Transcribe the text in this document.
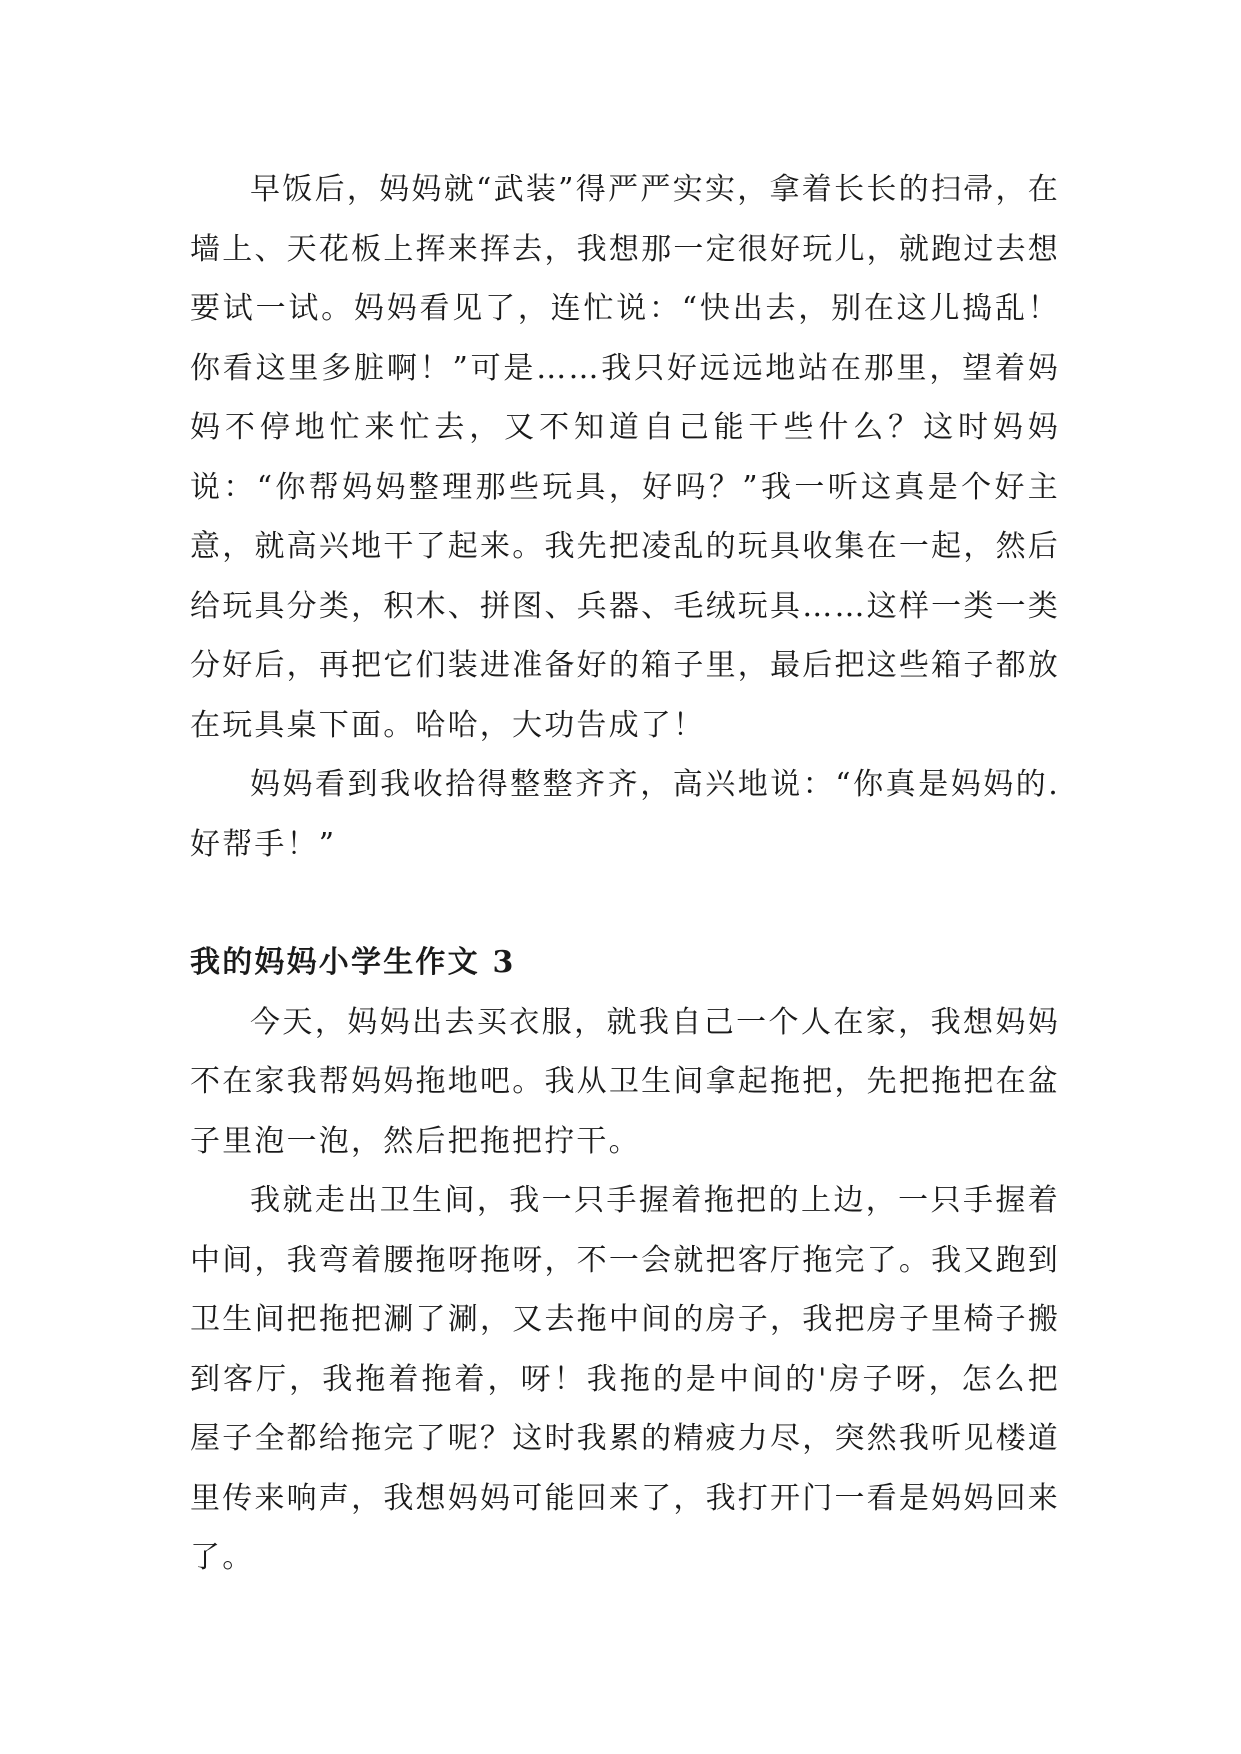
早饭后，妈妈就“武装”得严严实实，拿着长长的扫帚，在墙上、天花板上挥来挥去，我想那一定很好玩儿，就跑过去想要试一试。妈妈看见了，连忙说：“快出去，别在这儿捣乱！你看这里多脏啊！”可是……我只好远远地站在那里，望着妈妈不停地忙来忙去，又不知道自己能干些什么？这时妈妈说：“你帮妈妈整理那些玩具，好吗？”我一听这真是个好主意，就高兴地干了起来。我先把凌乱的玩具收集在一起，然后给玩具分类，积木、拼图、兵器、毛绒玩具……这样一类一类分好后，再把它们装进准备好的箱子里，最后把这些箱子都放在玩具桌下面。哈哈，大功告成了！

妈妈看到我收拾得整整齐齐，高兴地说：“你真是妈妈的.好帮手！”

我的妈妈小学生作文 3

今天，妈妈出去买衣服，就我自己一个人在家，我想妈妈不在家我帮妈妈拖地吧。我从卫生间拿起拖把，先把拖把在盆子里泡一泡，然后把拖把拧干。

我就走出卫生间，我一只手握着拖把的上边，一只手握着中间，我弯着腰拖呀拖呀，不一会就把客厅拖完了。我又跑到卫生间把拖把涮了涮，又去拖中间的房子，我把房子里椅子搬到客厅，我拖着拖着，呀！我拖的是中间的'房子呀，怎么把屋子全都给拖完了呢？这时我累的精疲力尽，突然我听见楼道里传来响声，我想妈妈可能回来了，我打开门一看是妈妈回来了。
